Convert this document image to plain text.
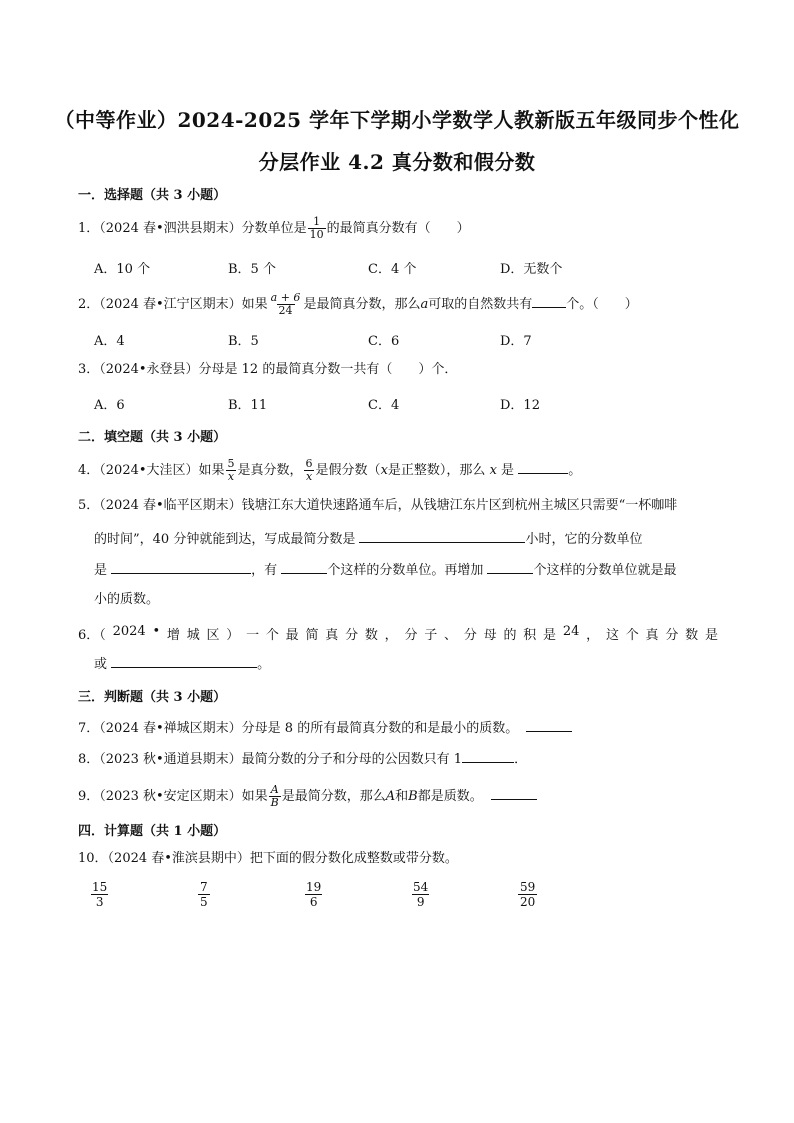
（中等作业）2024-2025 学年下学期小学数学人教新版五年级同步个性化
分层作业 4.2 真分数和假分数
一．选择题（共 3 小题）
1．（2024 春•泗洪县期末）分数单位是 $\frac{1}{10}$ 的最简真分数有（　　）
A．10 个	B．5 个	C．4 个	D．无数个
2．（2024 春•江宁区期末）如果 $\frac{a + 6}{24}$ 是最简真分数，那么a可取的自然数共有	个。（　　）
A．4	B．5	C．6	D．7
3．（2024•永登县）分母是 12 的最简真分数一共有（　　）个．
A．6	B．11	C．4	D．12
二．填空题（共 3 小题）
4．（2024•大洼区）如果 $\frac{5}{x}$ 是真分数， $\frac{6}{x}$ 是假分数（x是正整数），那么 x 是	。
5．（2024 春•临平区期末）钱塘江东大道快速路通车后，从钱塘江东片区到杭州主城区只需要“一杯咖啡
的时间”，40 分钟就能到达，写成最简分数是	小时，它的分数单位
是	，有	个这样的分数单位。再增加	个这样的分数单位就是最
小的质数。
6．（ 2024 • 增 城 区 ） 一 个 最 简 真 分 数 ， 分 子 、 分 母 的 积 是 24 ， 这 个 真 分 数 是
或	。
三．判断题（共 3 小题）
7．（2024 春•禅城区期末）分母是 8 的所有最简真分数的和是最小的质数。
8．（2023 秋•通道县期末）最简分数的分子和分母的公因数只有 1	．
9．（2023 秋•安定区期末）如果 $\frac{A}{B}$ 是最简分数，那么A和B都是质数。
四．计算题（共 1 小题）
10．（2024 春•淮滨县期中）把下面的假分数化成整数或带分数。
$\frac{15}{3}$	$\frac{7}{5}$	$\frac{19}{6}$	$\frac{54}{9}$	$\frac{59}{20}$
